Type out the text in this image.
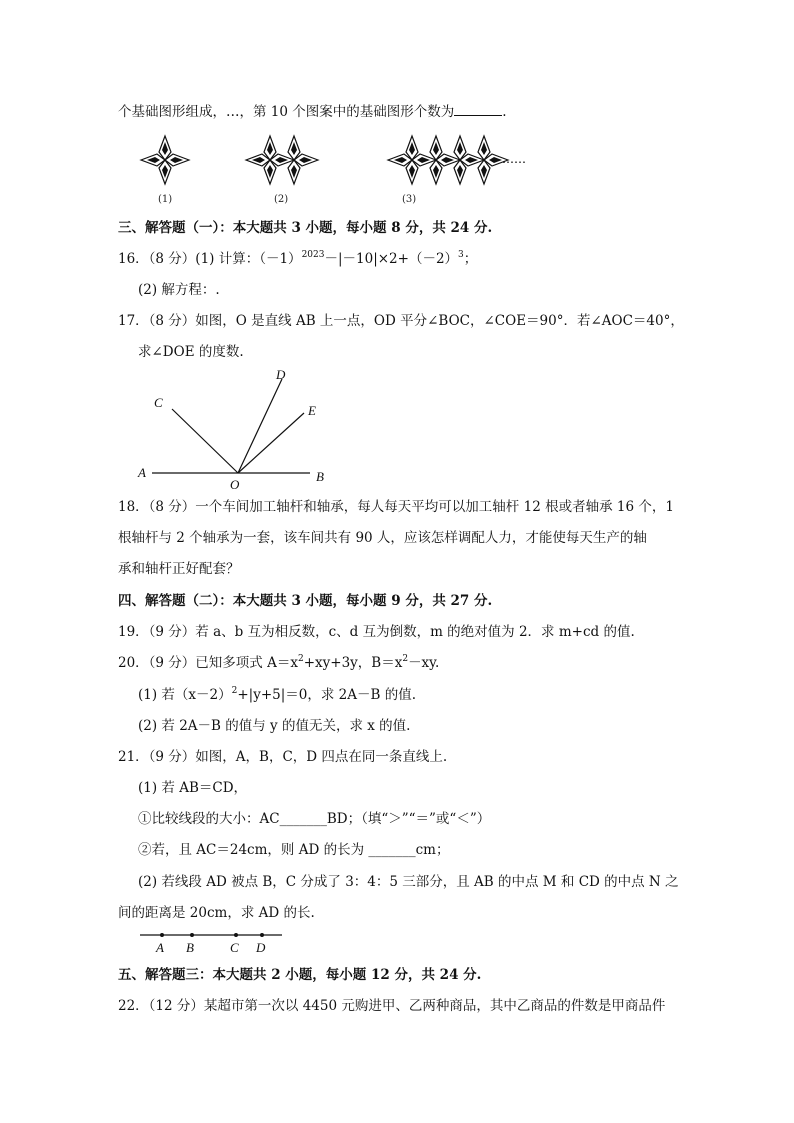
个基础图形组成，…，第 10 个图案中的基础图形个数为	.
(1)	(2)	(3)
……
三、解答题（一）：本大题共 3 小题，每小题 8 分，共 24 分.
16．（8 分）(1) 计算：$(-1)^{2023}-|-10|\times 2+(-2)^3$；
(2) 解方程：.
17．（8 分）如图，O 是直线 AB 上一点，OD 平分∠BOC，∠COE＝90°．若∠AOC＝40°，
求∠DOE 的度数.
A	B
C
D
E
O
18．（8 分）一个车间加工轴杆和轴承，每人每天平均可以加工轴杆 12 根或者轴承 16 个，1
根轴杆与 2 个轴承为一套，该车间共有 90 人，应该怎样调配人力，才能使每天生产的轴
承和轴杆正好配套？
四、解答题（二）：本大题共 3 小题，每小题 9 分，共 27 分.
19．（9 分）若 a、b 互为相反数，c、d 互为倒数，m 的绝对值为 2．求 m+cd 的值.
20．（9 分）已知多项式 $A=x^2+xy+3y$，$B=x^2-xy$.
(1) 若$(x-2)^2+|y+5|=0$，求 2A－B 的值.
(2) 若 2A－B 的值与 y 的值无关，求 x 的值.
21．（9 分）如图，A，B，C，D 四点在同一条直线上.
(1) 若 AB＝CD，
①比较线段的大小：AC_______BD；（填“＞”“＝”或“＜”）
②若，且 AC＝24cm，则 AD 的长为 _______cm；
(2) 若线段 AD 被点 B，C 分成了 3：4：5 三部分，且 AB 的中点 M 和 CD 的中点 N 之
间的距离是 20cm，求 AD 的长.
A B	C D
五、解答题三：本大题共 2 小题，每小题 12 分，共 24 分.
22．（12 分）某超市第一次以 4450 元购进甲、乙两种商品，其中乙商品的件数是甲商品件
